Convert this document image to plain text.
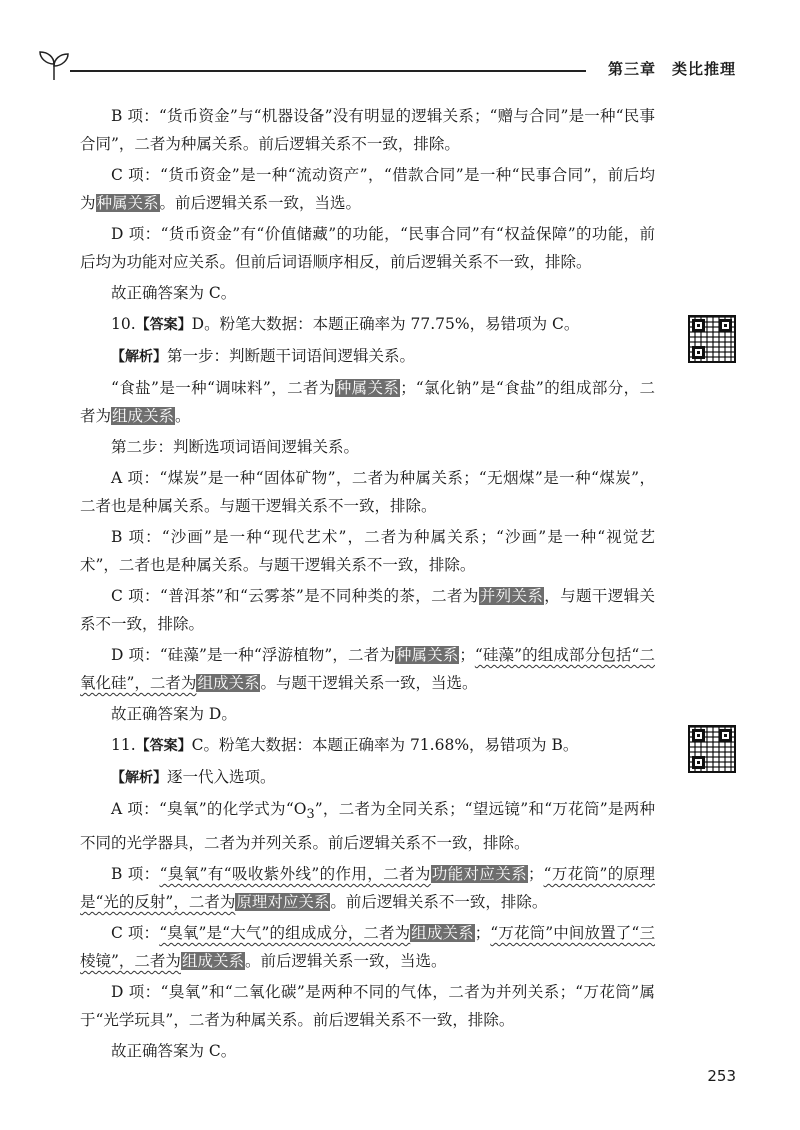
第三章 类比推理

B 项：“货币资金”与“机器设备”没有明显的逻辑关系；“赠与合同”是一种“民事合同”，二者为种属关系。前后逻辑关系不一致，排除。

C 项：“货币资金”是一种“流动资产”，“借款合同”是一种“民事合同”，前后均为种属关系。前后逻辑关系一致，当选。

D 项：“货币资金”有“价值储藏”的功能，“民事合同”有“权益保障”的功能，前后均为功能对应关系。但前后词语顺序相反，前后逻辑关系不一致，排除。

故正确答案为 C。

10.【答案】D。粉笔大数据：本题正确率为 77.75%，易错项为 C。

【解析】第一步：判断题干词语间逻辑关系。

“食盐”是一种“调味料”，二者为种属关系；“氯化钠”是“食盐”的组成部分，二者为组成关系。

第二步：判断选项词语间逻辑关系。

A 项：“煤炭”是一种“固体矿物”，二者为种属关系；“无烟煤”是一种“煤炭”，二者也是种属关系。与题干逻辑关系不一致，排除。

B 项：“沙画”是一种“现代艺术”，二者为种属关系；“沙画”是一种“视觉艺术”，二者也是种属关系。与题干逻辑关系不一致，排除。

C 项：“普洱茶”和“云雾茶”是不同种类的茶，二者为并列关系，与题干逻辑关系不一致，排除。

D 项：“硅藻”是一种“浮游植物”，二者为种属关系；“硅藻”的组成部分包括“二氧化硅”，二者为组成关系。与题干逻辑关系一致，当选。

故正确答案为 D。

11.【答案】C。粉笔大数据：本题正确率为 71.68%，易错项为 B。

【解析】逐一代入选项。

A 项：“臭氧”的化学式为“$O_3$”，二者为全同关系；“望远镜”和“万花筒”是两种不同的光学器具，二者为并列关系。前后逻辑关系不一致，排除。

B 项：“臭氧”有“吸收紫外线”的作用，二者为功能对应关系；“万花筒”的原理是“光的反射”，二者为原理对应关系。前后逻辑关系不一致，排除。

C 项：“臭氧”是“大气”的组成成分，二者为组成关系；“万花筒”中间放置了“三棱镜”，二者为组成关系。前后逻辑关系一致，当选。

D 项：“臭氧”和“二氧化碳”是两种不同的气体，二者为并列关系；“万花筒”属于“光学玩具”，二者为种属关系。前后逻辑关系不一致，排除。

故正确答案为 C。

253
